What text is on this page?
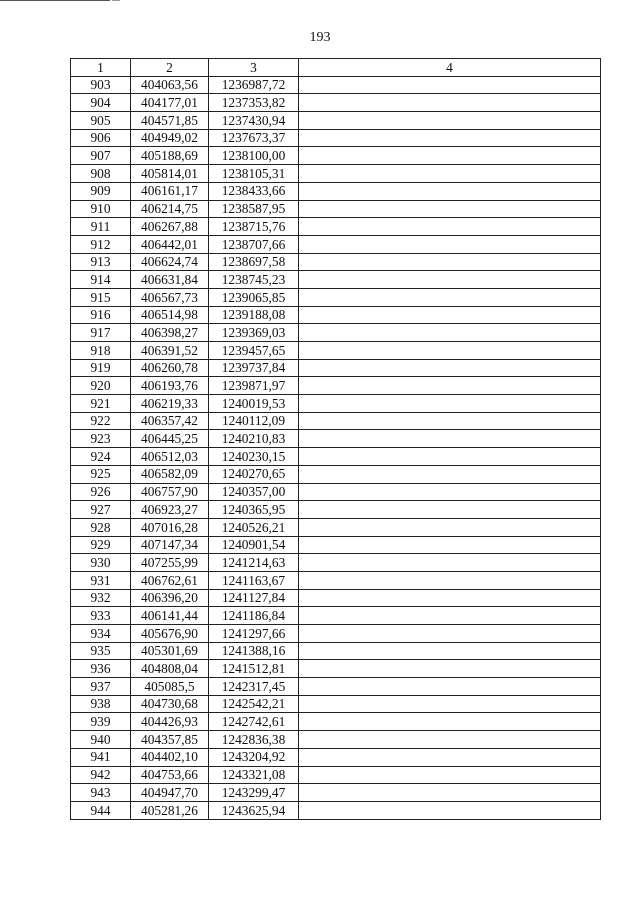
193
1	2	3	4
903	404063,56	1236987,72	
904	404177,01	1237353,82	
905	404571,85	1237430,94	
906	404949,02	1237673,37	
907	405188,69	1238100,00	
908	405814,01	1238105,31	
909	406161,17	1238433,66	
910	406214,75	1238587,95	
911	406267,88	1238715,76	
912	406442,01	1238707,66	
913	406624,74	1238697,58	
914	406631,84	1238745,23	
915	406567,73	1239065,85	
916	406514,98	1239188,08	
917	406398,27	1239369,03	
918	406391,52	1239457,65	
919	406260,78	1239737,84	
920	406193,76	1239871,97	
921	406219,33	1240019,53	
922	406357,42	1240112,09	
923	406445,25	1240210,83	
924	406512,03	1240230,15	
925	406582,09	1240270,65	
926	406757,90	1240357,00	
927	406923,27	1240365,95	
928	407016,28	1240526,21	
929	407147,34	1240901,54	
930	407255,99	1241214,63	
931	406762,61	1241163,67	
932	406396,20	1241127,84	
933	406141,44	1241186,84	
934	405676,90	1241297,66	
935	405301,69	1241388,16	
936	404808,04	1241512,81	
937	405085,5	1242317,45	
938	404730,68	1242542,21	
939	404426,93	1242742,61	
940	404357,85	1242836,38	
941	404402,10	1243204,92	
942	404753,66	1243321,08	
943	404947,70	1243299,47	
944	405281,26	1243625,94	
